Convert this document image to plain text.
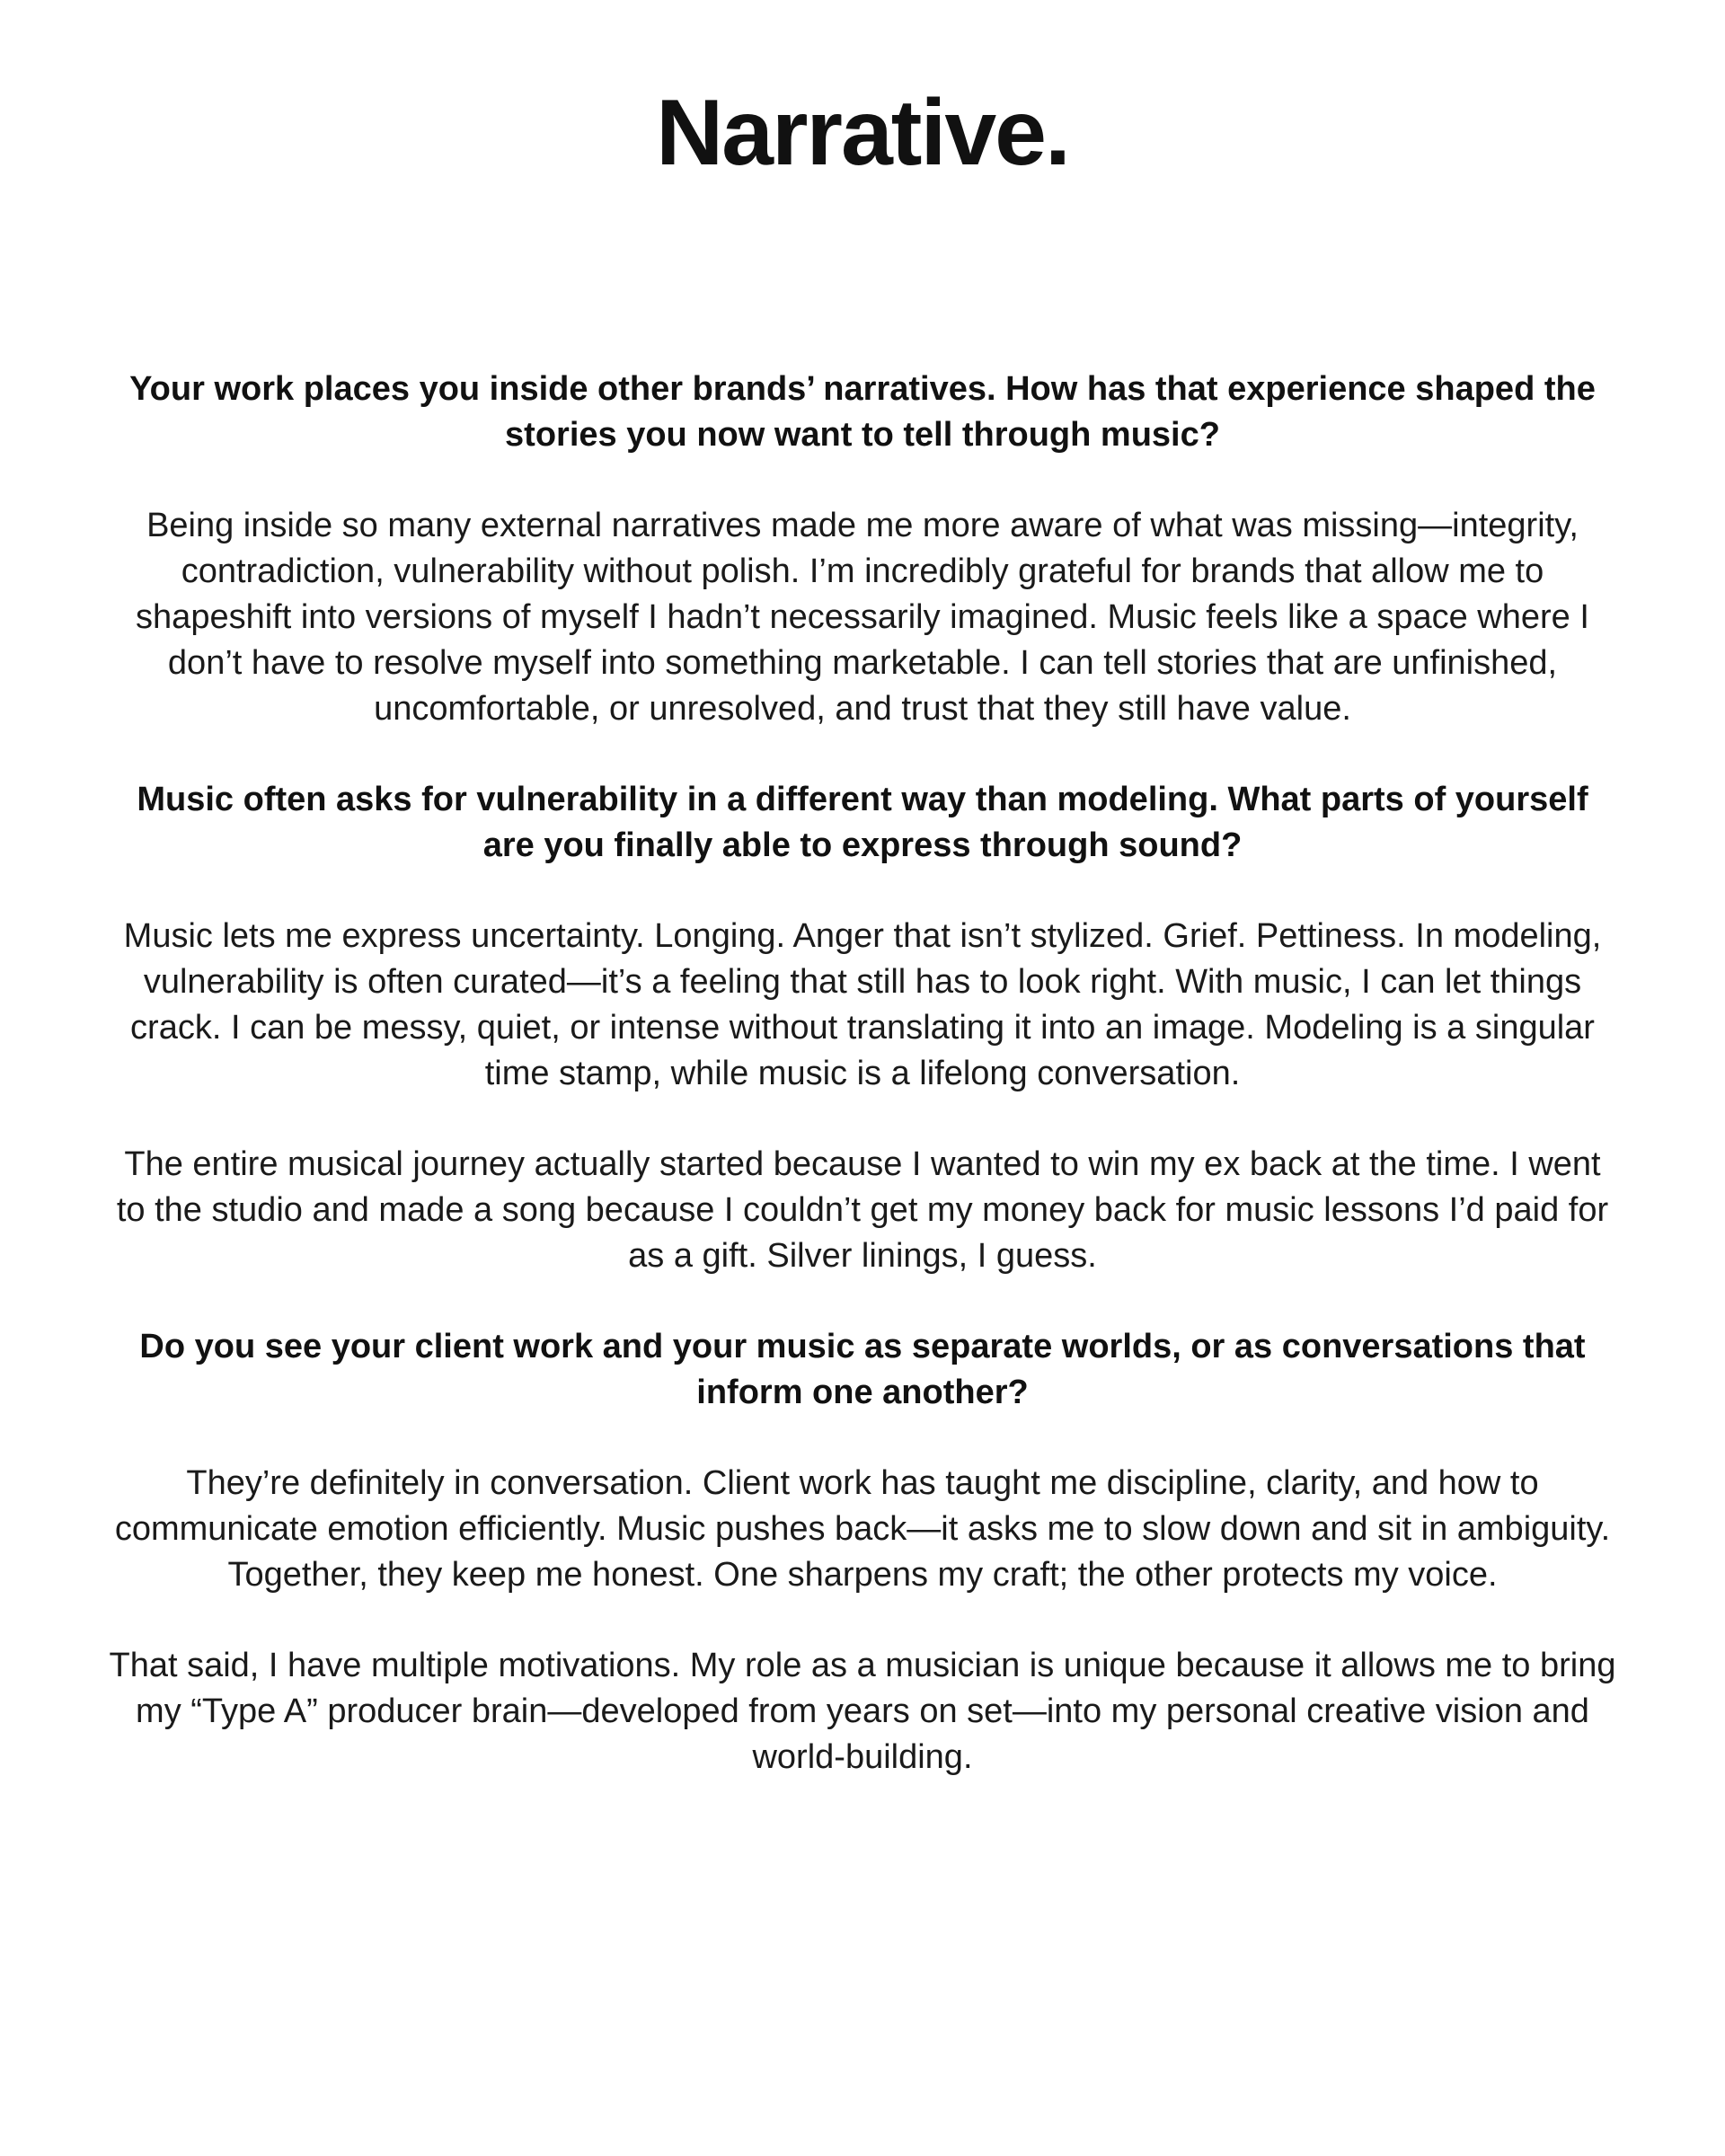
Narrative.

Your work places you inside other brands’ narratives. How has that experience shaped the stories you now want to tell through music?

Being inside so many external narratives made me more aware of what was missing—integrity, contradiction, vulnerability without polish. I’m incredibly grateful for brands that allow me to shapeshift into versions of myself I hadn’t necessarily imagined. Music feels like a space where I don’t have to resolve myself into something marketable. I can tell stories that are unfinished, uncomfortable, or unresolved, and trust that they still have value.

Music often asks for vulnerability in a different way than modeling. What parts of yourself are you finally able to express through sound?

Music lets me express uncertainty. Longing. Anger that isn’t stylized. Grief. Pettiness. In modeling, vulnerability is often curated—it’s a feeling that still has to look right. With music, I can let things crack. I can be messy, quiet, or intense without translating it into an image. Modeling is a singular time stamp, while music is a lifelong conversation.

The entire musical journey actually started because I wanted to win my ex back at the time. I went to the studio and made a song because I couldn’t get my money back for music lessons I’d paid for as a gift. Silver linings, I guess.

Do you see your client work and your music as separate worlds, or as conversations that inform one another?

They’re definitely in conversation. Client work has taught me discipline, clarity, and how to communicate emotion efficiently. Music pushes back—it asks me to slow down and sit in ambiguity. Together, they keep me honest. One sharpens my craft; the other protects my voice.

That said, I have multiple motivations. My role as a musician is unique because it allows me to bring my “Type A” producer brain—developed from years on set—into my personal creative vision and world-building.
